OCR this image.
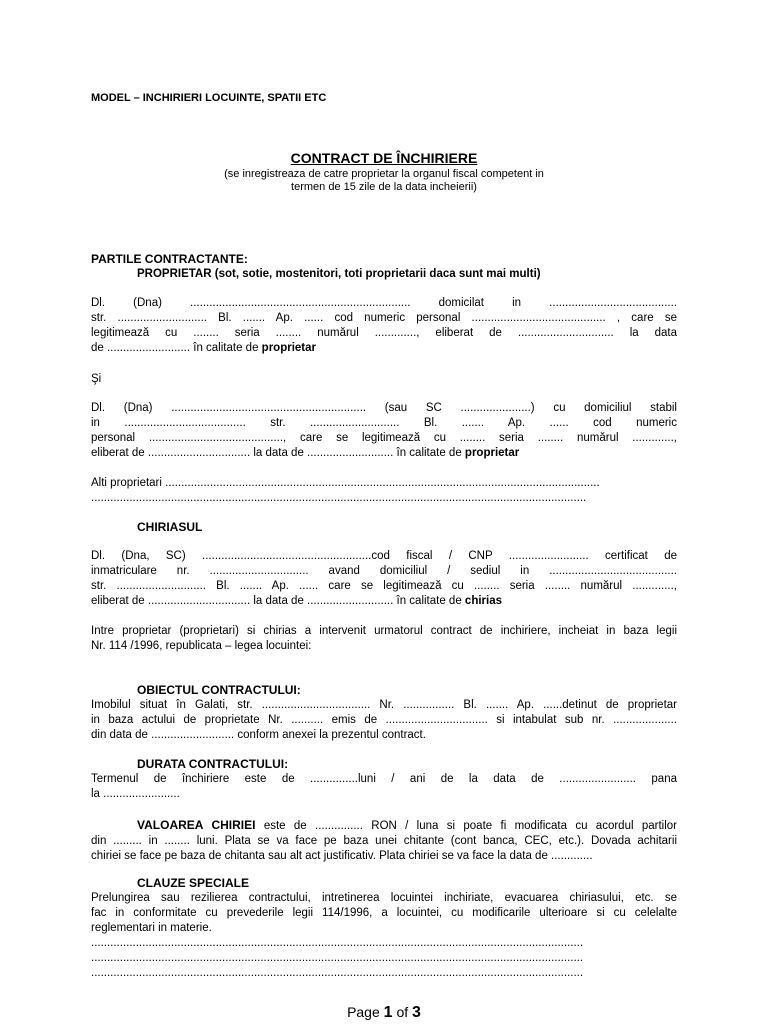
MODEL – INCHIRIERI LOCUINTE, SPATII ETC
CONTRACT DE ÎNCHIRIERE
(se inregistreaza de catre proprietar la organul fiscal competent in
termen de 15 zile de la data incheierii)
PARTILE CONTRACTANTE:
PROPRIETAR (sot, sotie, mostenitori, toti proprietarii daca sunt mai multi)
Dl. (Dna) ..................................................................... domicilat in ........................................
str. ............................ Bl. ....... Ap. ...... cod numeric personal .......................................... , care se
legitimează cu ........ seria ........ numărul ............., eliberat de .............................. la data
de .......................... în calitate de proprietar
Şi
Dl. (Dna) ............................................................. (sau SC ......................) cu domiciliul stabil
in ...................................... str. ............................ Bl. ....... Ap. ...... cod numeric
personal .........................................., care se legitimează cu ........ seria ........ numărul .............,
eliberat de ................................ la data de ........................... în calitate de proprietar
Alti proprietari ........................................................................................................................................
...........................................................................................................................................................
CHIRIASUL
Dl. (Dna, SC) .....................................................cod fiscal / CNP ......................... certificat de
inmatriculare nr. ............................... avand domiciliul / sediul in ........................................
str. ............................ Bl. ....... Ap. ...... care se legitimează cu ........ seria ........ numărul .............,
eliberat de ................................ la data de ........................... în calitate de chirias
Intre proprietar (proprietari) si chirias a intervenit urmatorul contract de inchiriere, incheiat in baza legii
Nr. 114 /1996, republicata – legea locuintei:
OBIECTUL CONTRACTULUI:
Imobilul situat în Galati, str. .................................. Nr. ................ Bl. ....... Ap. ......detinut de proprietar
in baza actului de proprietate Nr. .......... emis de ................................ si intabulat sub nr. ....................
din data de .......................... conform anexei la prezentul contract.
DURATA CONTRACTULUI:
Termenul de închiriere este de ...............luni / ani de la data de ........................ pana
la ........................
VALOAREA CHIRIEI este de ............... RON / luna si poate fi modificata cu acordul partilor
din ......... in ........ luni. Plata se va face pe baza unei chitante (cont banca, CEC, etc.). Dovada achitarii
chiriei se face pe baza de chitanta sau alt act justificativ. Plata chiriei se va face la data de .............
CLAUZE SPECIALE
Prelungirea sau rezilierea contractului, intretinerea locuintei inchiriate, evacuarea chiriasului, etc. se
fac in conformitate cu prevederile legii 114/1996, a locuintei, cu modificarile ulterioare si cu celelalte
reglementari in materie.
..........................................................................................................................................................
..........................................................................................................................................................
..........................................................................................................................................................
Page 1 of 3
